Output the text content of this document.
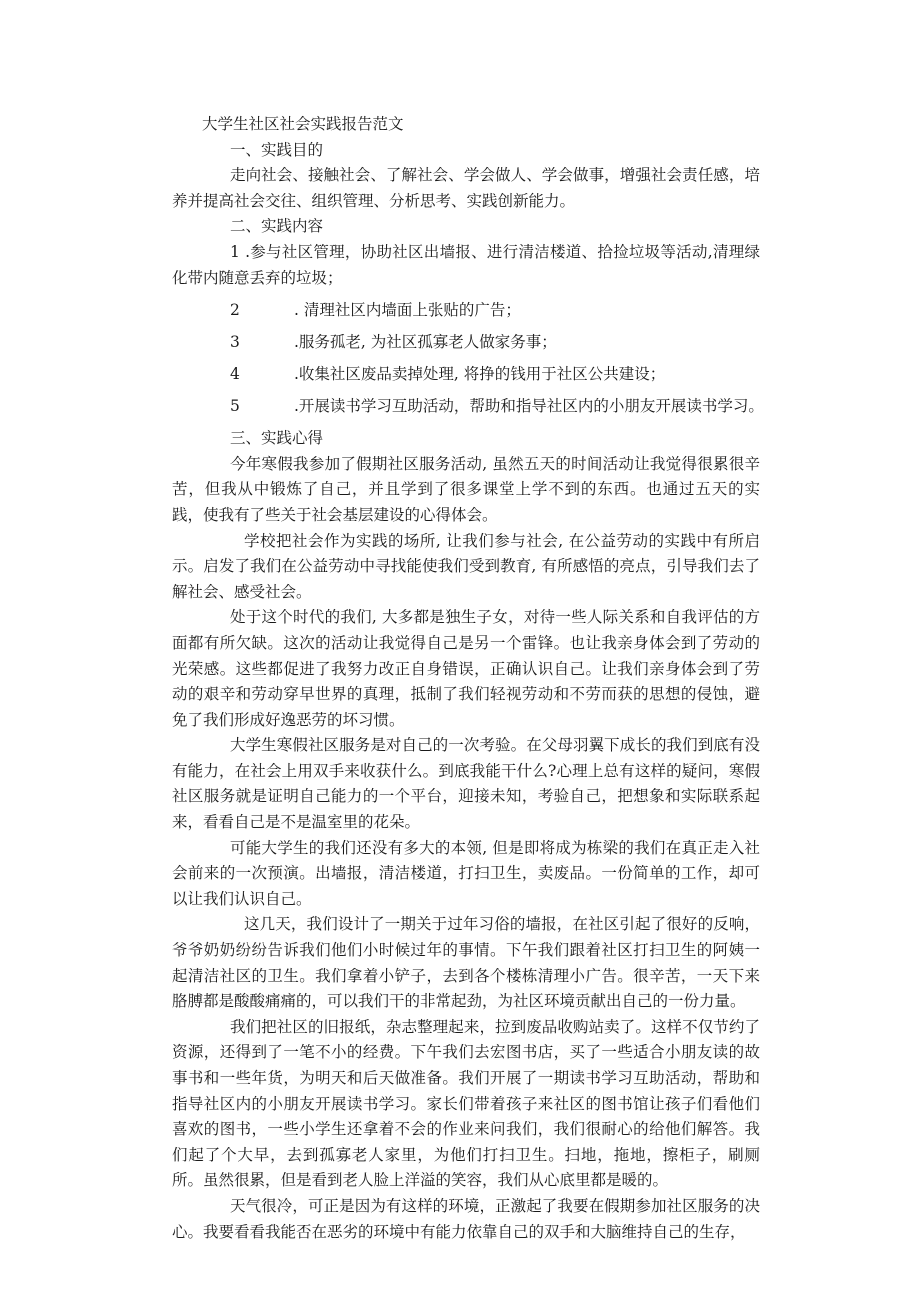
大学生社区社会实践报告范文

一、实践目的

走向社会、接触社会、了解社会、学会做人、学会做事，增强社会责任感，培养并提高社会交往、组织管理、分析思考、实践创新能力。

二、实践内容

1 .参与社区管理，协助社区出墙报、进行清洁楼道、拾捡垃圾等活动,清理绿化带内随意丢弃的垃圾；

2	. 清理社区内墙面上张贴的广告；
3	.服务孤老, 为社区孤寡老人做家务事；
4	.收集社区废品卖掉处理, 将挣的钱用于社区公共建设；
5	.开展读书学习互助活动，帮助和指导社区内的小朋友开展读书学习。

三、实践心得

今年寒假我参加了假期社区服务活动, 虽然五天的时间活动让我觉得很累很辛苦，但我从中锻炼了自己，并且学到了很多课堂上学不到的东西。也通过五天的实践，使我有了些关于社会基层建设的心得体会。

学校把社会作为实践的场所, 让我们参与社会, 在公益劳动的实践中有所启示。启发了我们在公益劳动中寻找能使我们受到教育, 有所感悟的亮点，引导我们去了解社会、感受社会。

处于这个时代的我们, 大多都是独生子女，对待一些人际关系和自我评估的方面都有所欠缺。这次的活动让我觉得自己是另一个雷锋。也让我亲身体会到了劳动的光荣感。这些都促进了我努力改正自身错误，正确认识自己。让我们亲身体会到了劳动的艰辛和劳动穿早世界的真理，抵制了我们轻视劳动和不劳而获的思想的侵蚀，避免了我们形成好逸恶劳的坏习惯。

大学生寒假社区服务是对自己的一次考验。在父母羽翼下成长的我们到底有没有能力，在社会上用双手来收获什么。到底我能干什么?心理上总有这样的疑问，寒假社区服务就是证明自己能力的一个平台，迎接未知，考验自己，把想象和实际联系起来，看看自己是不是温室里的花朵。

可能大学生的我们还没有多大的本领, 但是即将成为栋梁的我们在真正走入社会前来的一次预演。出墙报，清洁楼道，打扫卫生，卖废品。一份简单的工作，却可以让我们认识自己。

这几天，我们设计了一期关于过年习俗的墙报，在社区引起了很好的反响，爷爷奶奶纷纷告诉我们他们小时候过年的事情。下午我们跟着社区打扫卫生的阿姨一起清洁社区的卫生。我们拿着小铲子，去到各个楼栋清理小广告。很辛苦，一天下来胳膊都是酸酸痛痛的，可以我们干的非常起劲，为社区环境贡献出自己的一份力量。

我们把社区的旧报纸，杂志整理起来，拉到废品收购站卖了。这样不仅节约了资源，还得到了一笔不小的经费。下午我们去宏图书店，买了一些适合小朋友读的故事书和一些年货，为明天和后天做准备。我们开展了一期读书学习互助活动，帮助和指导社区内的小朋友开展读书学习。家长们带着孩子来社区的图书馆让孩子们看他们喜欢的图书，一些小学生还拿着不会的作业来问我们，我们很耐心的给他们解答。我们起了个大早，去到孤寡老人家里，为他们打扫卫生。扫地，拖地，擦柜子，刷厕所。虽然很累，但是看到老人脸上洋溢的笑容，我们从心底里都是暖的。

天气很冷，可正是因为有这样的环境，正激起了我要在假期参加社区服务的决心。我要看看我能否在恶劣的环境中有能力依靠自己的双手和大脑维持自己的生存，
